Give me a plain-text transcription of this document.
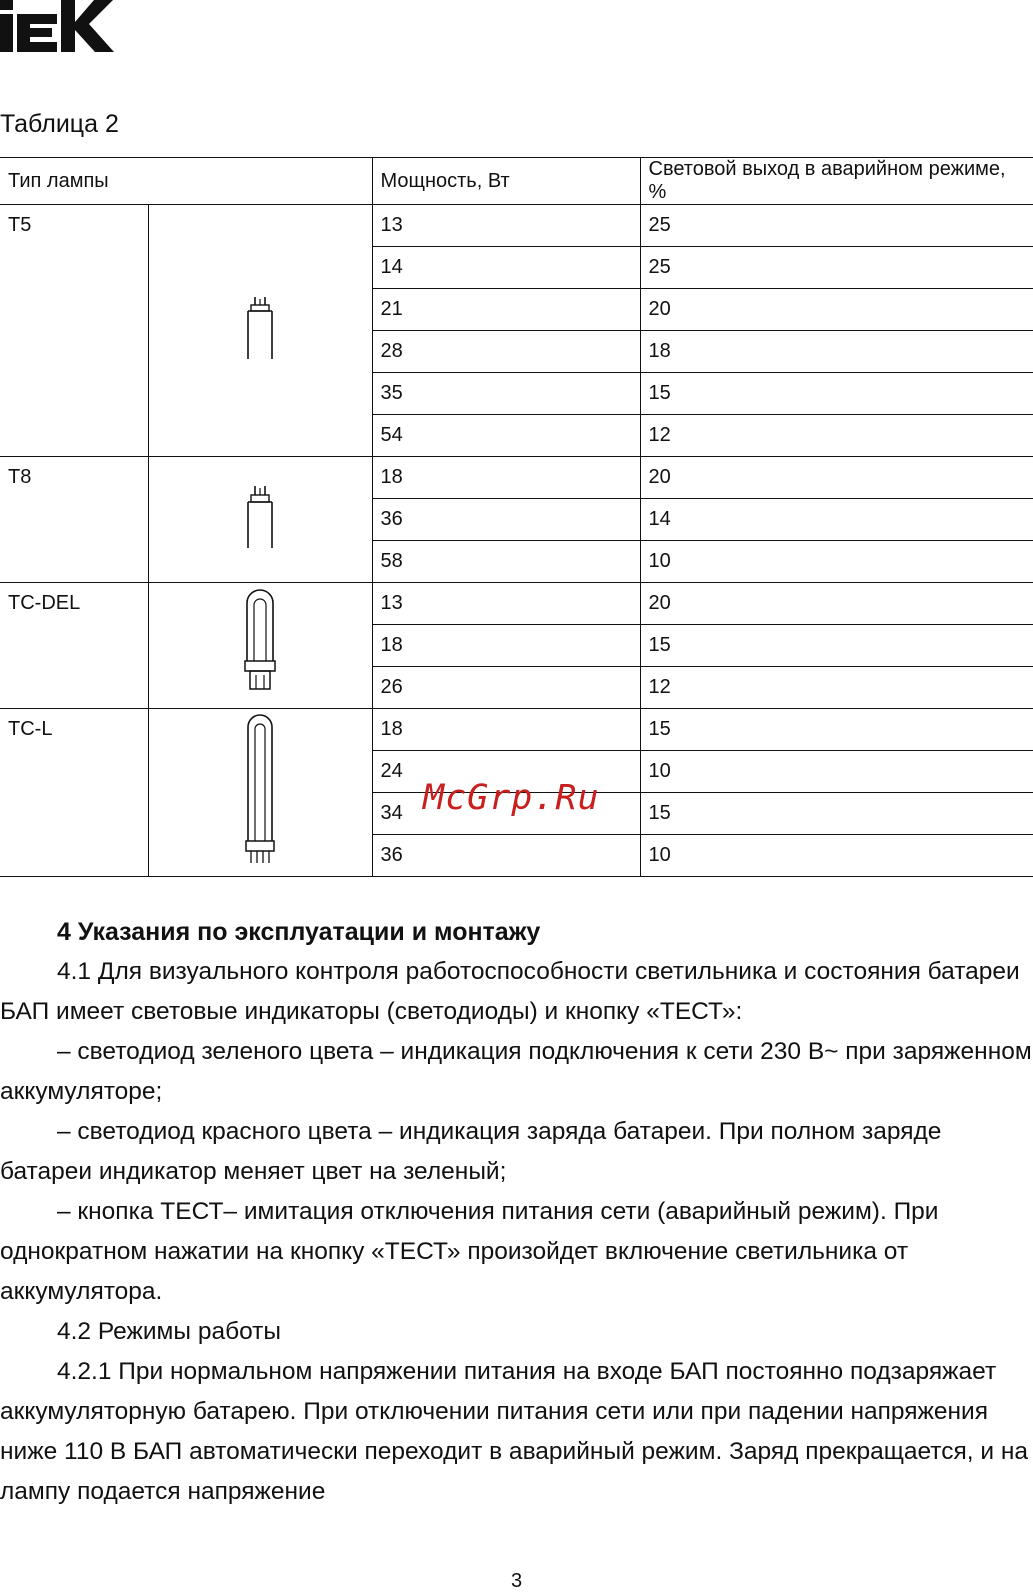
Таблица 2
Тип лампы		Мощность, Вт	Световой выход в аварийном режиме, %
T5		13	25
		14	25
		21	20
		28	18
		35	15
		54	12
T8		18	20
		36	14
		58	10
TC-DEL		13	20
		18	15
		26	12
TC-L		18	15
		24	10
		34	15
		36	10
McGrp.Ru
4 Указания по эксплуатации и монтажу

4.1 Для визуального контроля работоспособности светильника и состояния батареи БАП имеет световые индикаторы (светодиоды) и кнопку «ТЕСТ»:

– светодиод зеленого цвета – индикация подключения к сети 230 В~ при заряженном аккумуляторе;

– светодиод красного цвета – индикация заряда батареи. При полном заряде батареи индикатор меняет цвет на зеленый;

– кнопка ТЕСТ– имитация отключения питания сети (аварийный режим). При однократном нажатии на кнопку «ТЕСТ» произойдет включение светильника от аккумулятора.

4.2 Режимы работы

4.2.1 При нормальном напряжении питания на входе БАП постоянно подзаряжает аккумуляторную батарею. При отключении питания сети или при падении напряжения ниже 110 В БАП автоматически переходит в аварийный режим. Заряд прекращается, и на лампу подается напряжение

3
